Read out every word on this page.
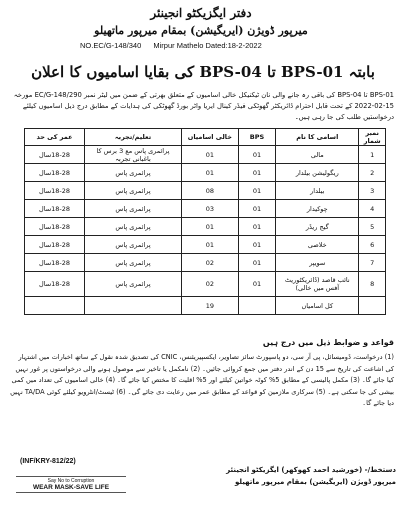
دفتر ایگزیکٹو انجینئر
میرپور ڈویژن (ایریگیشن) بمقام میرپور ماتھیلو
NO.EC/G-148/340 Mirpur Mathelo Dated:18-2-2022
بابتہ BPS-01 تا BPS-04 کی بقایا اسامیوں کا اعلان
BPS-01 تا BPS-04 کی باقی رہ جانے والی نان ٹیکنیکل خالی اسامیوں کے متعلق بھرتی کے ضمن میں لیٹر نمبر EC/G-148/290 مورخہ 15-02-2022 کے تحت قابل احترام ڈائریکٹر گھوٹکی فیڈر کینال ایریا واٹر بورڈ گھوٹکی کی ہدایات کے مطابق درج ذیل اسامیوں کیلئے درخواستیں طلب کی جا رہی ہیں۔
نمبر شمار	اسامی کا نام	BPS	خالی اسامیاں	تعلیم/تجربہ	عمر کی حد
1	مالی	01	01	پرائمری پاس مع 3 برس کا باغبانی تجربہ	18-28سال
2	ریگولیشن بیلدار	01	01	پرائمری پاس	18-28سال
3	بیلدار	01	08	پرائمری پاس	18-28سال
4	چوکیدار	01	03	پرائمری پاس	18-28سال
5	گیج ریڈر	01	01	پرائمری پاس	18-28سال
6	خلاصی	01	01	پرائمری پاس	18-28سال
7	سویپر	01	02	پرائمری پاس	18-28سال
8	نائب قاصد (ڈائریکٹوریٹ آفس میں خالی)	01	02	پرائمری پاس	18-28سال
	کل اسامیاں		19		
قواعد و ضوابط ذیل میں درج ہیں
(1) درخواست، ڈومیسائل، پی آر سی، دو پاسپورٹ سائز تصاویر، ایکسپیریئنس، CNIC کی تصدیق شدہ نقول کے ساتھ اخبارات میں اشتہار کی اشاعت کی تاریخ سے 15 دن کے اندر دفتر میں جمع کروائی جائیں۔ (2) نامکمل یا تاخیر سے موصول ہونے والی درخواستوں پر غور نہیں کیا جائے گا۔ (3) مکمل پالیسی کے مطابق 5% کوٹہ خواتین کیلئے اور 5% اقلیت کا مختص کیا جائے گا۔ (4) خالی اسامیوں کی تعداد میں کمی بیشی کی جا سکتی ہے۔ (5) سرکاری ملازمین کو قواعد کے مطابق عمر میں رعایت دی جائے گی۔ (6) ٹیسٹ/انٹرویو کیلئے کوئی TA/DA نہیں دیا جائے گا۔
(INF/KRY-812/22)
Say No to Corruption
WEAR MASK-SAVE LIFE
دستخط/- (خورشید احمد کھوکھر) ایگزیکٹو انجینئر
میرپور ڈویژن (ایریگیشن) بمقام میرپور ماتھیلو
